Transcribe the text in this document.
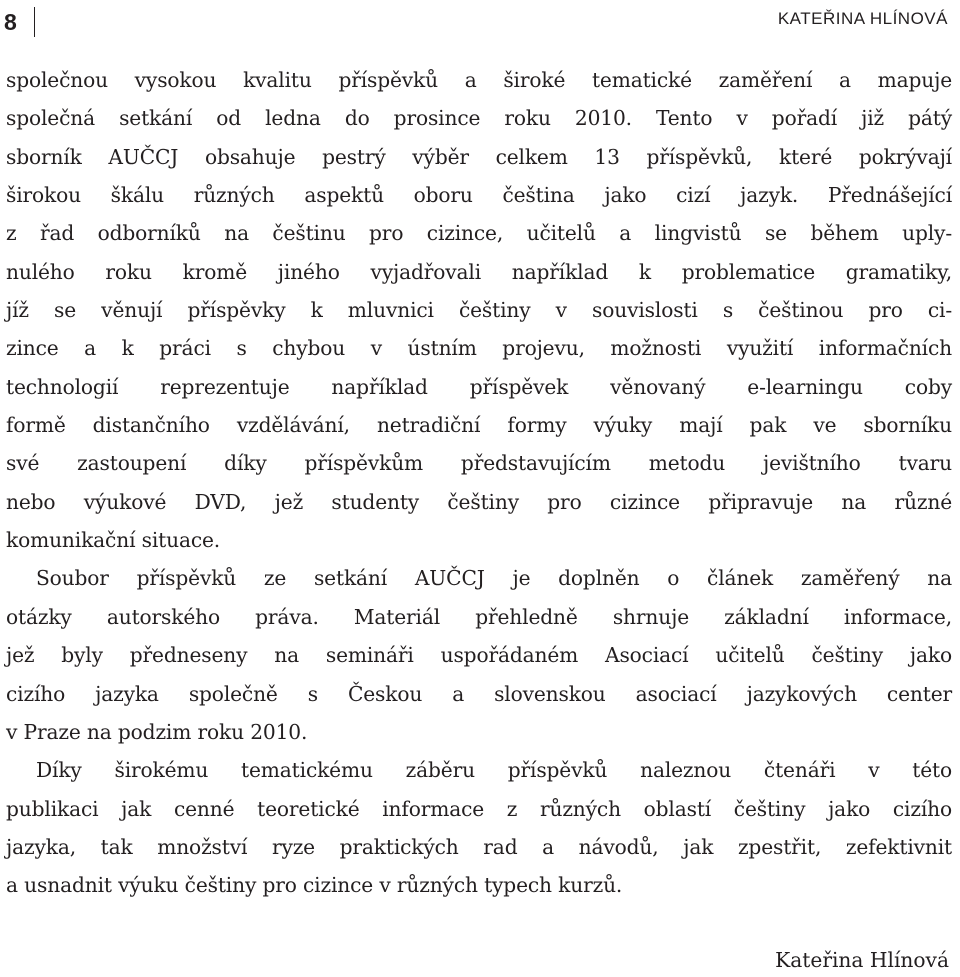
8	KATEŘINA HLÍNOVÁ
společnou vysokou kvalitu příspěvků a široké tematické zaměření a mapuje
společná setkání od ledna do prosince roku 2010. Tento v pořadí již pátý
sborník AUČCJ obsahuje pestrý výběr celkem 13 příspěvků, které pokrývají
širokou škálu různých aspektů oboru čeština jako cizí jazyk. Přednášející
z řad odborníků na češtinu pro cizince, učitelů a lingvistů se během uply-
nulého roku kromě jiného vyjadřovali například k problematice gramatiky,
jíž se věnují příspěvky k mluvnici češtiny v souvislosti s češtinou pro ci-
zince a k práci s chybou v ústním projevu, možnosti využití informačních
technologií reprezentuje například příspěvek věnovaný e-learningu coby
formě distančního vzdělávání, netradiční formy výuky mají pak ve sborníku
své zastoupení díky příspěvkům představujícím metodu jevištního tvaru
nebo výukové DVD, jež studenty češtiny pro cizince připravuje na různé
komunikační situace.
Soubor příspěvků ze setkání AUČCJ je doplněn o článek zaměřený na
otázky autorského práva. Materiál přehledně shrnuje základní informace,
jež byly předneseny na semináři uspořádaném Asociací učitelů češtiny jako
cizího jazyka společně s Českou a slovenskou asociací jazykových center
v Praze na podzim roku 2010.
Díky širokému tematickému záběru příspěvků naleznou čtenáři v této
publikaci jak cenné teoretické informace z různých oblastí češtiny jako cizího
jazyka, tak množství ryze praktických rad a návodů, jak zpestřit, zefektivnit
a usnadnit výuku češtiny pro cizince v různých typech kurzů.
Kateřina Hlínová
